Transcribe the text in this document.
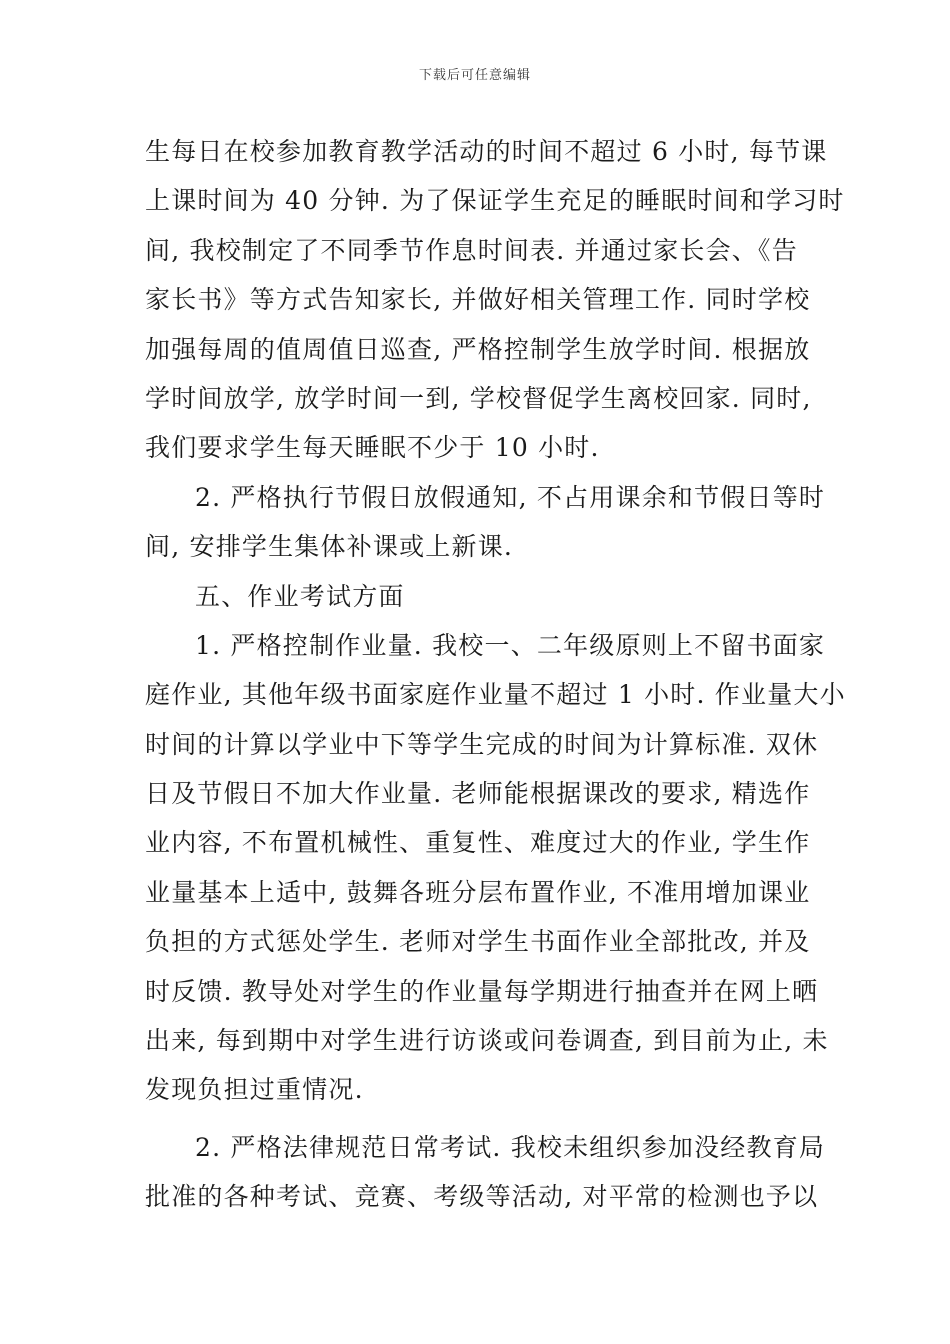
下载后可任意编辑
生每日在校参加教育教学活动的时间不超过 6 小时, 每节课
上课时间为 40 分钟. 为了保证学生充足的睡眠时间和学习时
间, 我校制定了不同季节作息时间表. 并通过家长会、《告
家长书》等方式告知家长, 并做好相关管理工作. 同时学校
加强每周的值周值日巡查, 严格控制学生放学时间. 根据放
学时间放学, 放学时间一到, 学校督促学生离校回家. 同时,
我们要求学生每天睡眠不少于 10 小时.
2. 严格执行节假日放假通知, 不占用课余和节假日等时
间, 安排学生集体补课或上新课.
五、作业考试方面
1. 严格控制作业量. 我校一、二年级原则上不留书面家
庭作业, 其他年级书面家庭作业量不超过 1 小时. 作业量大小
时间的计算以学业中下等学生完成的时间为计算标准. 双休
日及节假日不加大作业量. 老师能根据课改的要求, 精选作
业内容, 不布置机械性、重复性、难度过大的作业, 学生作
业量基本上适中, 鼓舞各班分层布置作业, 不准用增加课业
负担的方式惩处学生. 老师对学生书面作业全部批改, 并及
时反馈. 教导处对学生的作业量每学期进行抽查并在网上晒
出来, 每到期中对学生进行访谈或问卷调查, 到目前为止, 未
发现负担过重情况.
2. 严格法律规范日常考试. 我校未组织参加没经教育局
批准的各种考试、竞赛、考级等活动, 对平常的检测也予以
